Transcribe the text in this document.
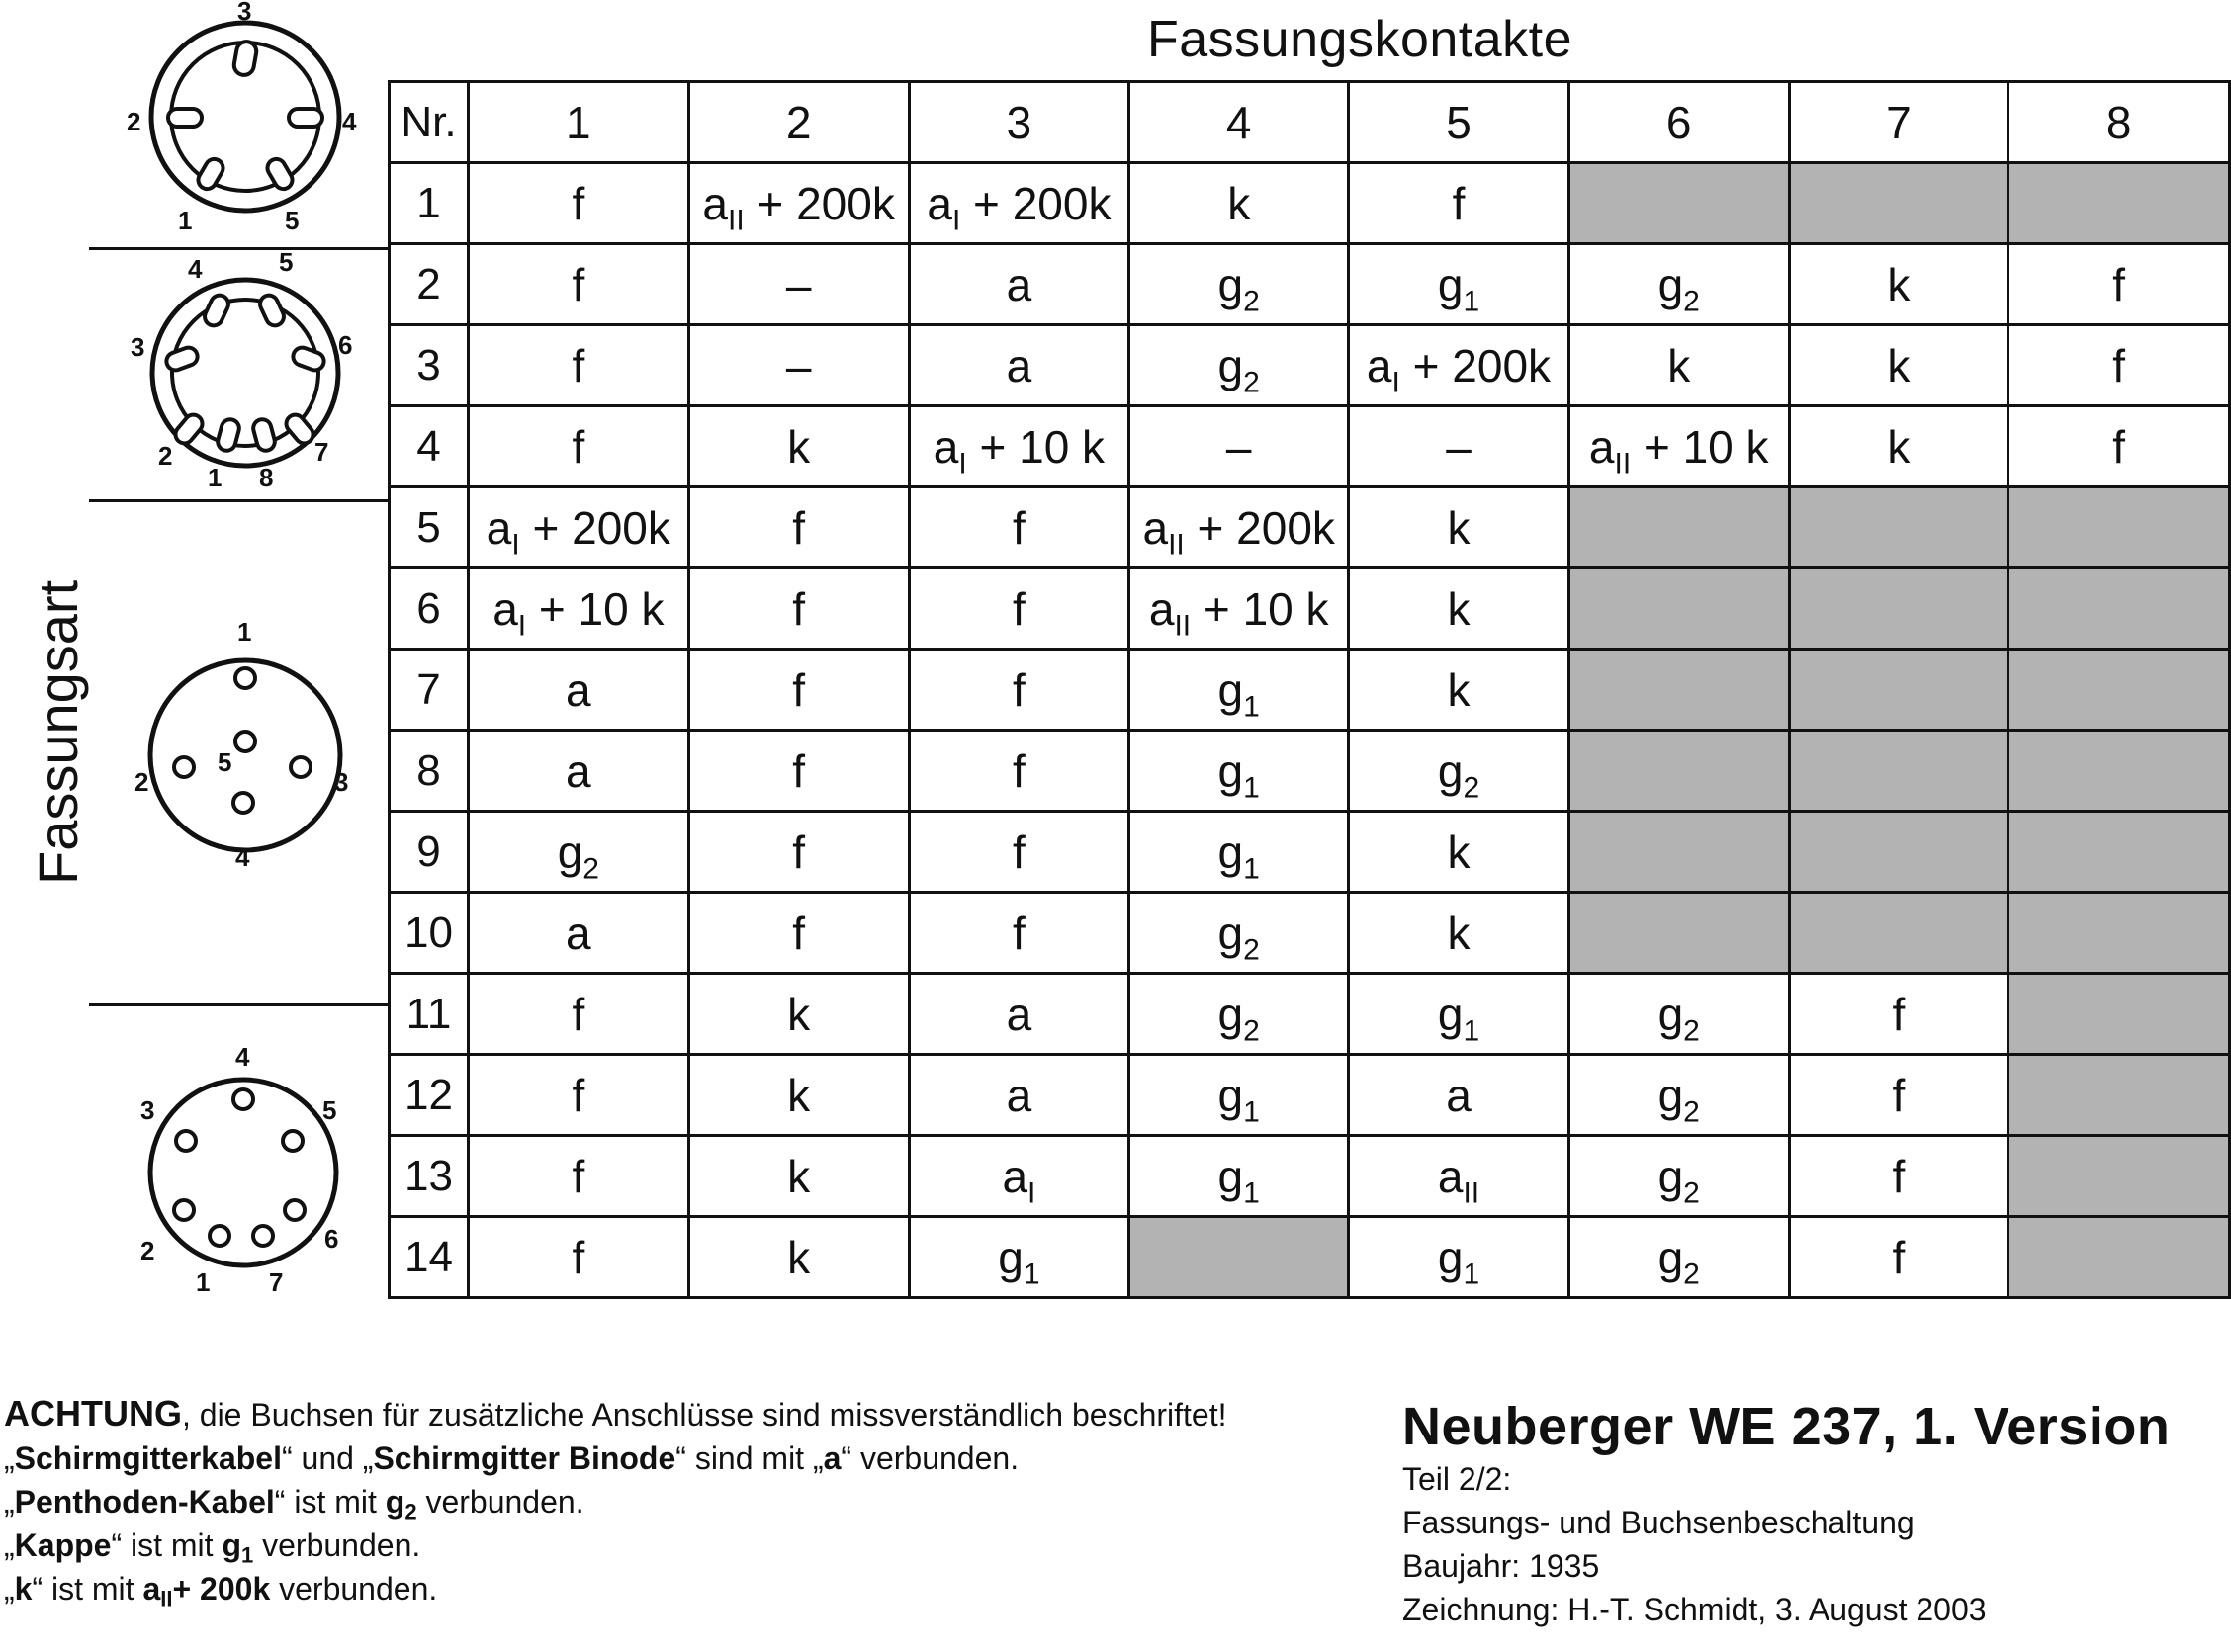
Fassungskontakte
Fassungsart
3
2	4
1	5
4	5
3	6
2
1 8
7
1
2
5
3
4
4
3	5
2	6
1 7
Nr.	1	2	3	4	5	6	7	8
1	f	$a_{II} + 200k$	$a_I + 200k$	k	f			
2	f	–	a	$g_2$	$g_1$	$g_2$	k	f
3	f	–	a	$g_2$	$a_I + 200k$	k	k	f
4	f	k	$a_I + 10$ k	–	–	$a_{II} + 10$ k	k	f
5	$a_I + 200k$	f	f	$a_{II} + 200k$	k			
6	$a_I + 10$ k	f	f	$a_{II} + 10$ k	k			
7	a	f	f	$g_1$	k			
8	a	f	f	$g_1$	$g_2$			
9	$g_2$	f	f	$g_1$	k			
10	a	f	f	$g_2$	k			
11	f	k	a	$g_2$	$g_1$	$g_2$	f	
12	f	k	a	$g_1$	a	$g_2$	f	
13	f	k	$a_I$	$g_1$	$a_{II}$	$g_2$	f	
14	f	k	$g_1$		$g_1$	$g_2$	f	
ACHTUNG, die Buchsen für zusätzliche Anschlüsse sind missverständlich beschriftet!
„Schirmgitterkabel“ und „Schirmgitter Binode“ sind mit „a“ verbunden.
„Penthoden-Kabel“ ist mit $g_2$ verbunden.
„Kappe“ ist mit $g_1$ verbunden.
„k“ ist mit $a_{II}+ 200k$ verbunden.
Neuberger WE 237, 1. Version
Teil 2/2:
Fassungs- und Buchsenbeschaltung
Baujahr: 1935
Zeichnung: H.-T. Schmidt, 3. August 2003
